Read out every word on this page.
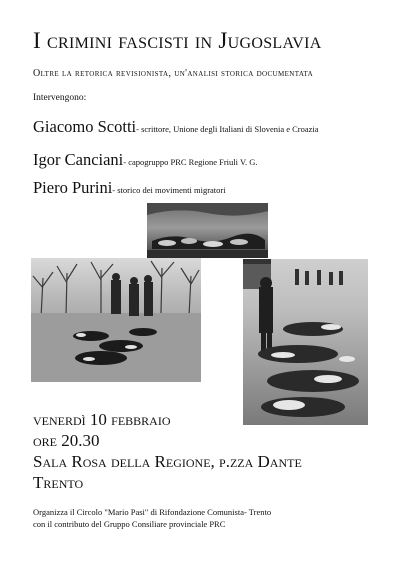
I crimini fascisti in Jugoslavia
Oltre la retorica revisionista, un'analisi storica documentata
Intervengono:
Giacomo Scotti- scrittore, Unione degli Italiani di Slovenia e Croazia
Igor Canciani- capogruppo PRC Regione Friuli V. G.
Piero Purini- storico dei movimenti migratori
venerdì 10 febbraio
ore 20.30
Sala Rosa della Regione, p.zza Dante
Trento
Organizza il Circolo "Mario Pasi" di Rifondazione Comunista- Trento
con il contributo del Gruppo Consiliare provinciale PRC
